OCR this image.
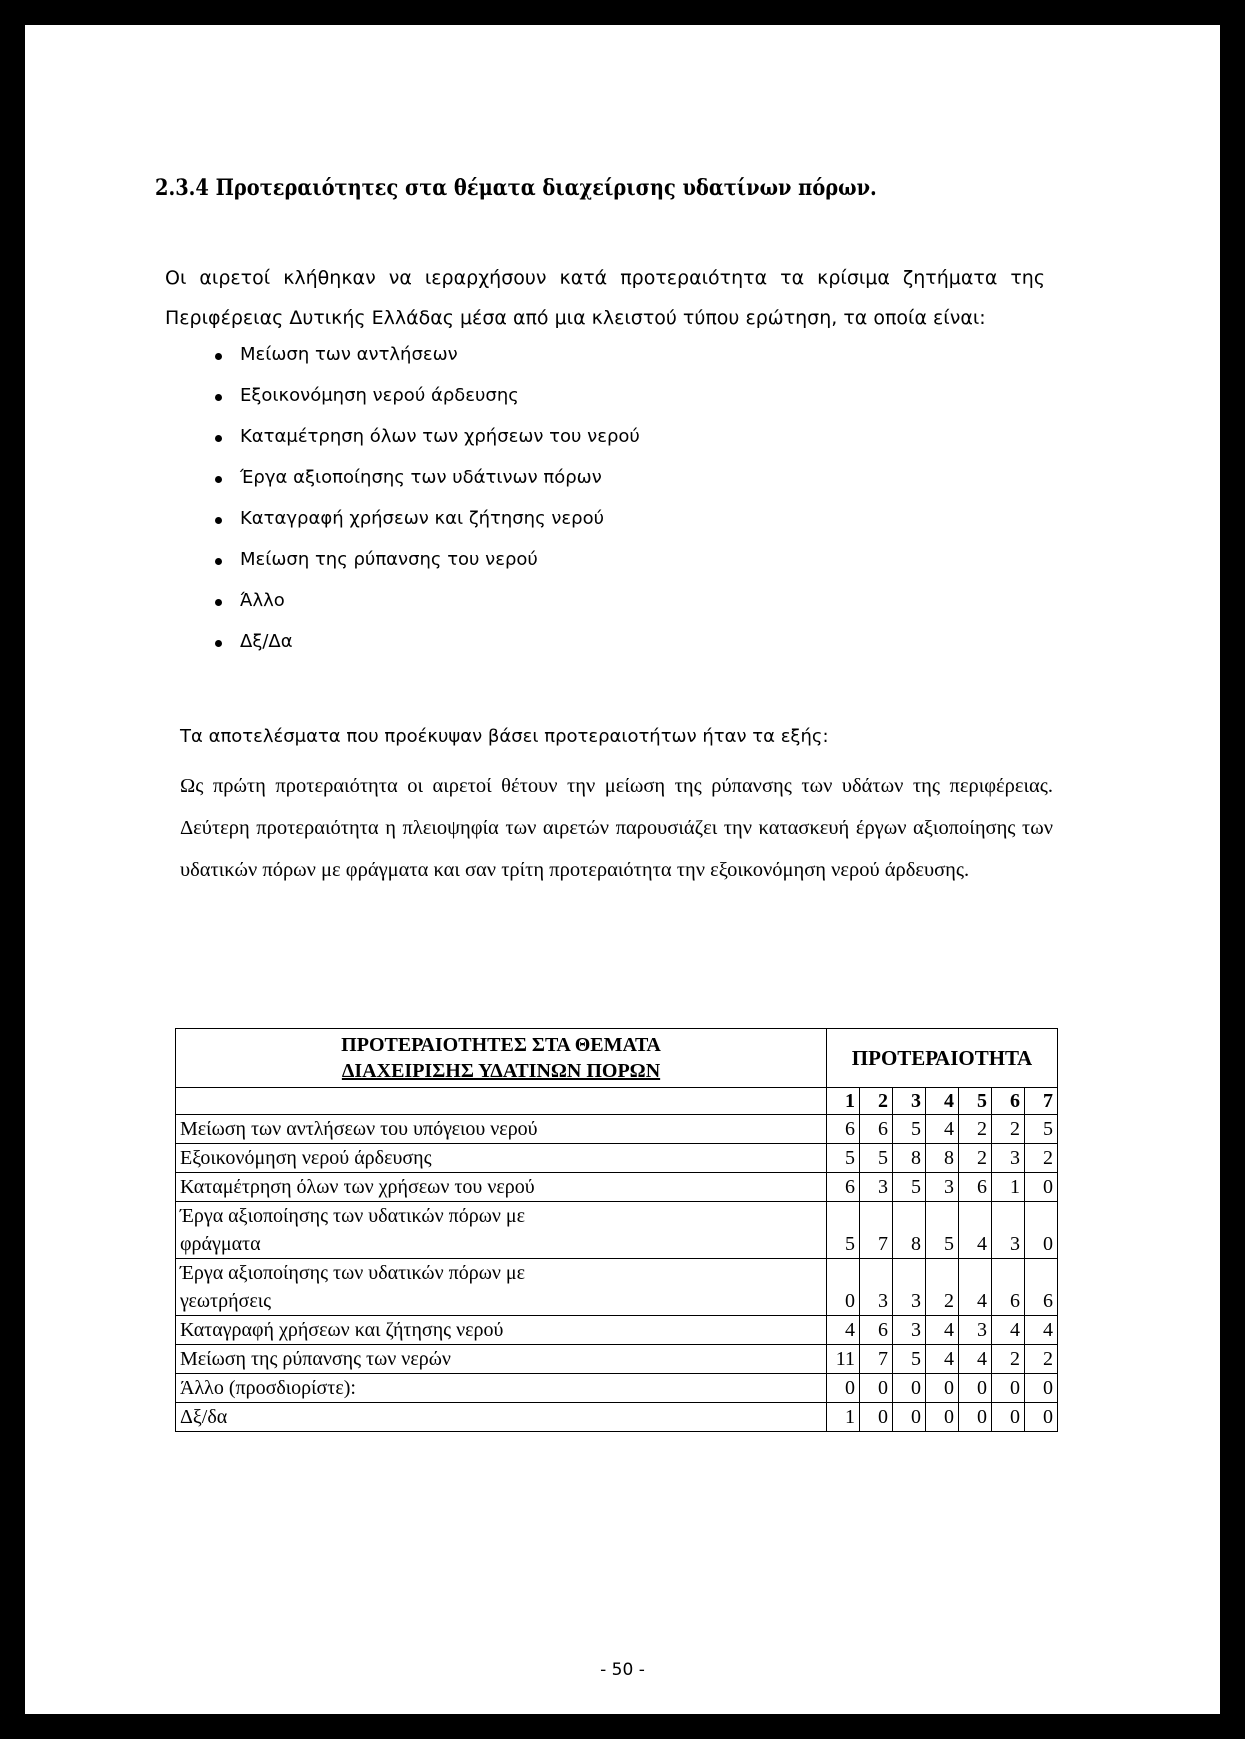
2.3.4 Προτεραιότητες στα θέματα διαχείρισης υδατίνων πόρων.
Οι αιρετοί κλήθηκαν να ιεραρχήσουν κατά προτεραιότητα τα κρίσιμα ζητήματα της Περιφέρειας Δυτικής Ελλάδας μέσα από μια κλειστού τύπου ερώτηση, τα οποία είναι:
Μείωση των αντλήσεων
Εξοικονόμηση νερού άρδευσης
Καταμέτρηση όλων των χρήσεων του νερού
Έργα αξιοποίησης των υδάτινων πόρων
Καταγραφή χρήσεων και ζήτησης νερού
Μείωση της ρύπανσης του νερού
Άλλο
Δξ/Δα
Τα αποτελέσματα που προέκυψαν βάσει προτεραιοτήτων ήταν τα εξής:
Ως πρώτη προτεραιότητα οι αιρετοί θέτουν την μείωση της ρύπανσης των υδάτων της περιφέρειας. Δεύτερη προτεραιότητα η πλειοψηφία των αιρετών παρουσιάζει την κατασκευή έργων αξιοποίησης των υδατικών πόρων με φράγματα και σαν τρίτη προτεραιότητα την εξοικονόμηση νερού άρδευσης.
ΠΡΟΤΕΡΑΙΟΤΗΤΕΣ ΣΤΑ ΘΕΜΑΤΑ
ΔΙΑΧΕΙΡΙΣΗΣ ΥΔΑΤΙΝΩΝ ΠΟΡΩΝ	ΠΡΟΤΕΡΑΙΟΤΗΤΑ						
	1	2	3	4	5	6	7
Μείωση των αντλήσεων του υπόγειου νερού	6	6	5	4	2	2	5
Εξοικονόμηση νερού άρδευσης	5	5	8	8	2	3	2
Καταμέτρηση όλων των χρήσεων του νερού	6	3	5	3	6	1	0

Έργα αξιοποίησης των υδατικών πόρων με
φράγματα	5	7	8	5	4	3	0

Έργα αξιοποίησης των υδατικών πόρων με
γεωτρήσεις	0	3	3	2	4	6	6
Καταγραφή χρήσεων και ζήτησης νερού	4	6	3	4	3	4	4
Μείωση της ρύπανσης των νερών	11	7	5	4	4	2	2
Άλλο (προσδιορίστε):	0	0	0	0	0	0	0
Δξ/δα	1	0	0	0	0	0	0
- 50 -
